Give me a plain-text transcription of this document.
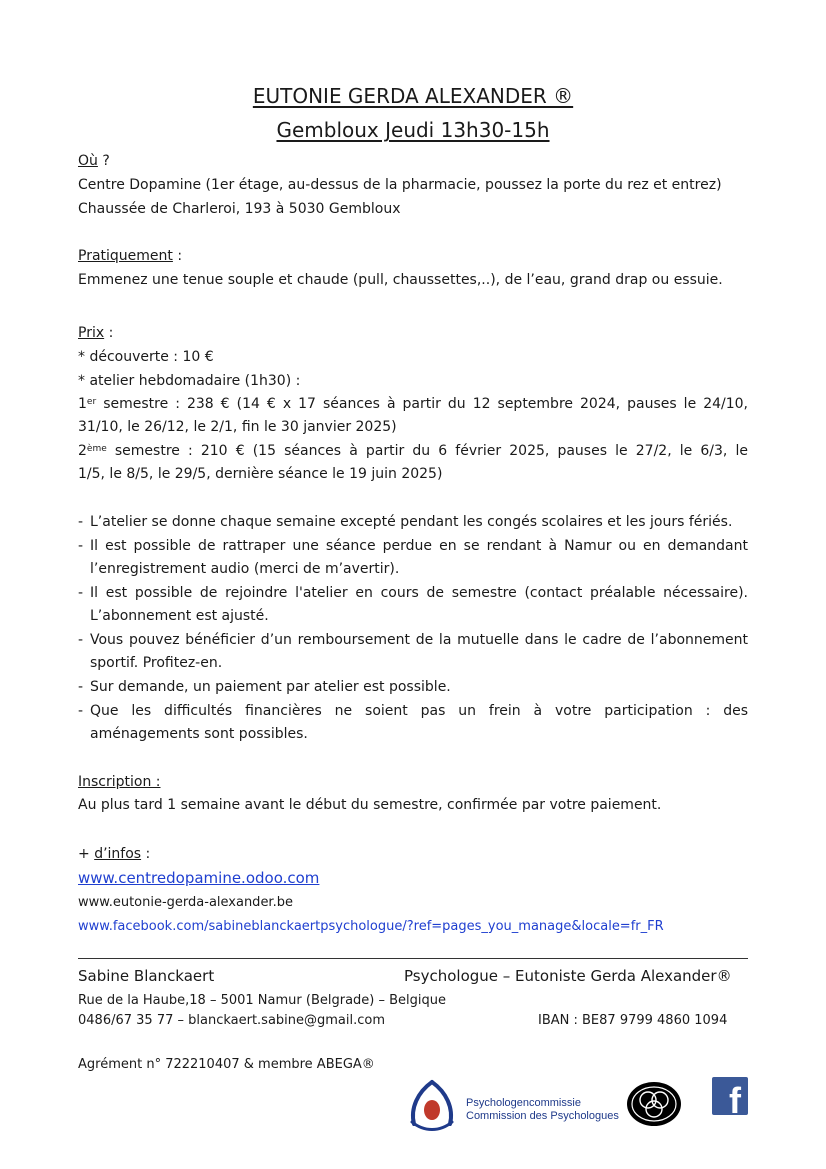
EUTONIE GERDA ALEXANDER ®
Gembloux Jeudi 13h30-15h
Où ?
Centre Dopamine (1er étage, au-dessus de la pharmacie, poussez la porte du rez et entrez)
Chaussée de Charleroi, 193 à 5030 Gembloux
Pratiquement :
Emmenez une tenue souple et chaude (pull, chaussettes,..), de l’eau, grand drap ou essuie.
Prix :
* découverte : 10 €
* atelier hebdomadaire (1h30) :
1er semestre : 238 € (14 € x 17 séances à partir du 12 septembre 2024, pauses le 24/10,
31/10, le 26/12, le 2/1, fin le 30 janvier 2025)
2ème semestre : 210 € (15 séances à partir du 6 février 2025, pauses le 27/2, le 6/3, le
1/5, le 8/5, le 29/5, dernière séance le 19 juin 2025)
- L’atelier se donne chaque semaine excepté pendant les congés scolaires et les jours fériés.
- Il est possible de rattraper une séance perdue en se rendant à Namur ou en demandant
l’enregistrement audio (merci de m’avertir).
- Il est possible de rejoindre l'atelier en cours de semestre (contact préalable nécessaire).
L’abonnement est ajusté.
- Vous pouvez bénéficier d’un remboursement de la mutuelle dans le cadre de l’abonnement
sportif. Profitez-en.
- Sur demande, un paiement par atelier est possible.
- Que les difficultés financières ne soient pas un frein à votre participation : des
aménagements sont possibles.
Inscription :
Au plus tard 1 semaine avant le début du semestre, confirmée par votre paiement.
+ d’infos :
www.centredopamine.odoo.com
www.eutonie-gerda-alexander.be
www.facebook.com/sabineblanckaertpsychologue/?ref=pages_you_manage&locale=fr_FR
Sabine Blanckaert	Psychologue – Eutoniste Gerda Alexander®
Rue de la Haube,18 – 5001 Namur (Belgrade) – Belgique
0486/67 35 77 – blanckaert.sabine@gmail.com	IBAN : BE87 9799 4860 1094
Agrément n° 722210407 & membre ABEGA®
Psychologencommissie
Commission des Psychologues	f
